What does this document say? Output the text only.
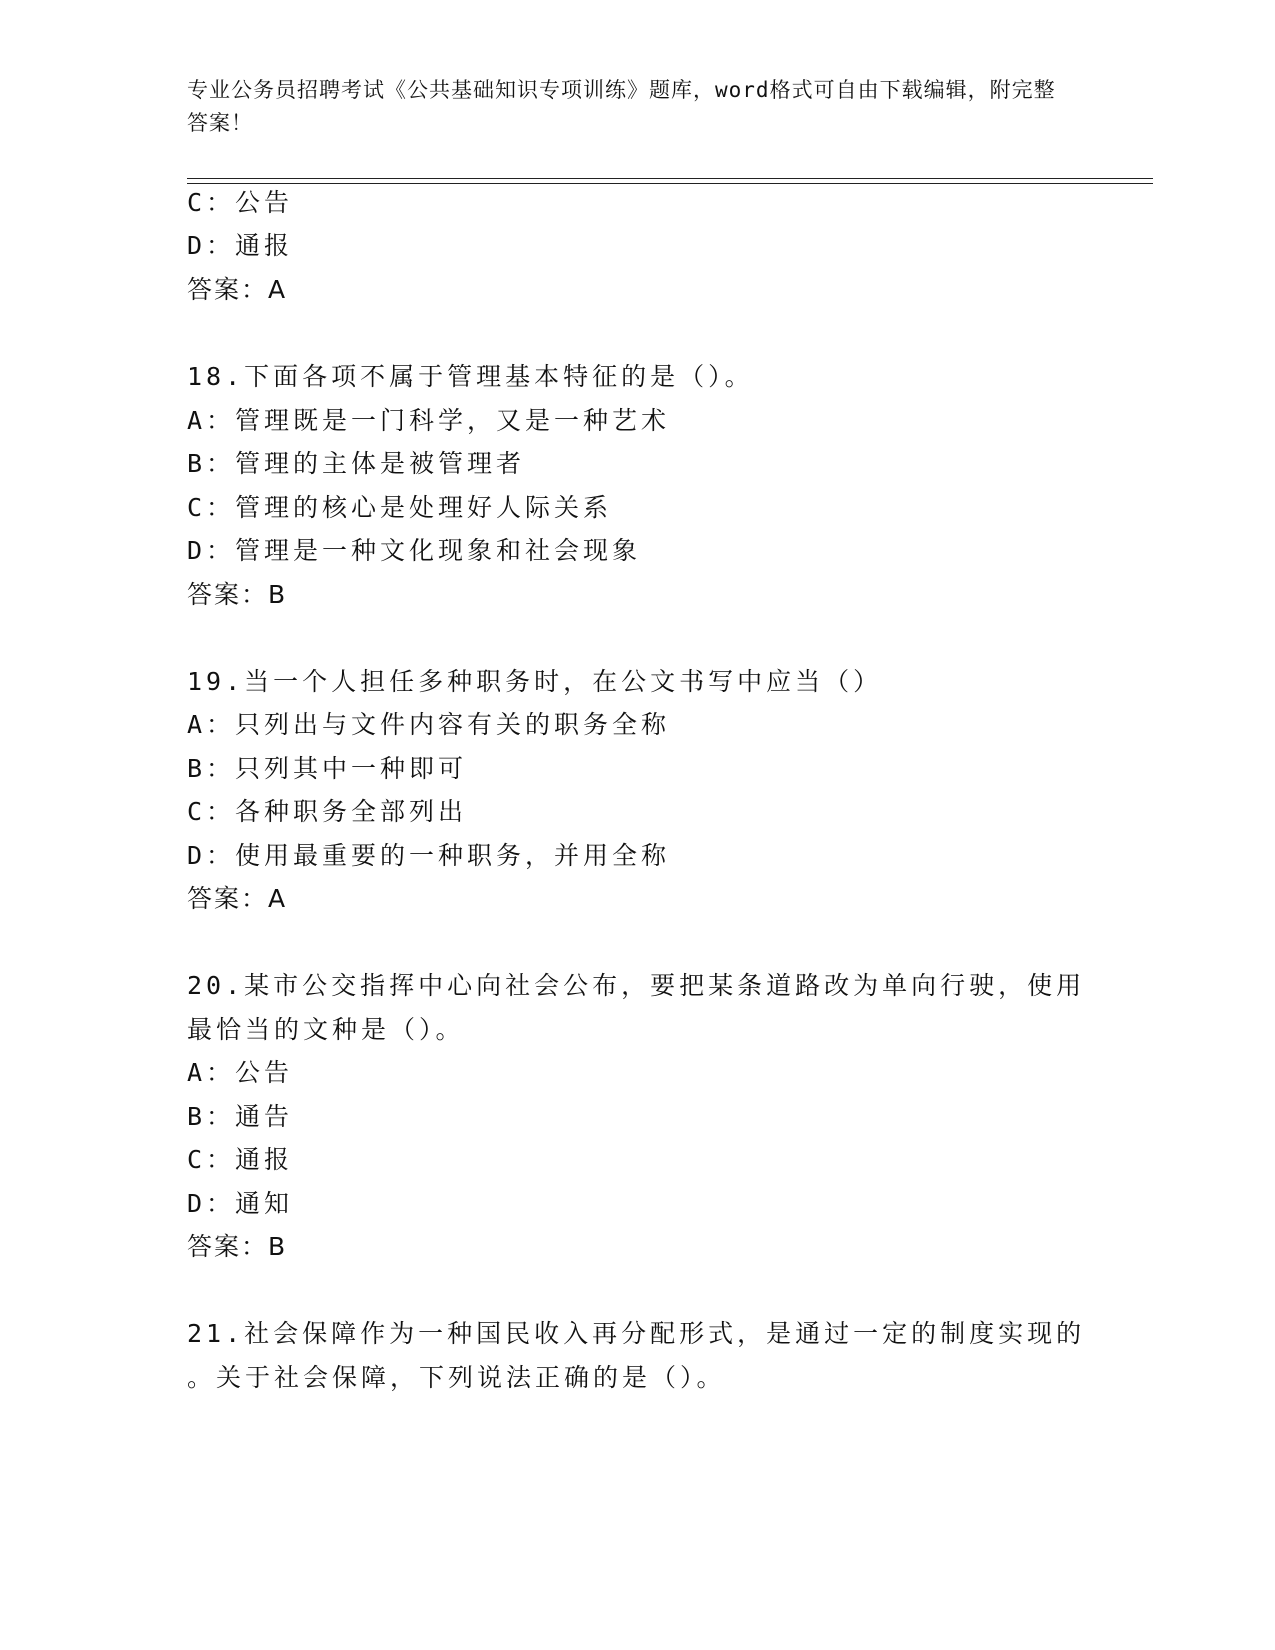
专业公务员招聘考试《公共基础知识专项训练》题库，word格式可自由下载编辑，附完整答案！
C：公告
D：通报
答案：A
18.下面各项不属于管理基本特征的是（）。
A：管理既是一门科学，又是一种艺术
B：管理的主体是被管理者
C：管理的核心是处理好人际关系
D：管理是一种文化现象和社会现象
答案：B
19.当一个人担任多种职务时，在公文书写中应当（）
A：只列出与文件内容有关的职务全称
B：只列其中一种即可
C：各种职务全部列出
D：使用最重要的一种职务，并用全称
答案：A
20.某市公交指挥中心向社会公布，要把某条道路改为单向行驶，使用
最恰当的文种是（）。
A：公告
B：通告
C：通报
D：通知
答案：B
21.社会保障作为一种国民收入再分配形式，是通过一定的制度实现的
。关于社会保障，下列说法正确的是（）。
